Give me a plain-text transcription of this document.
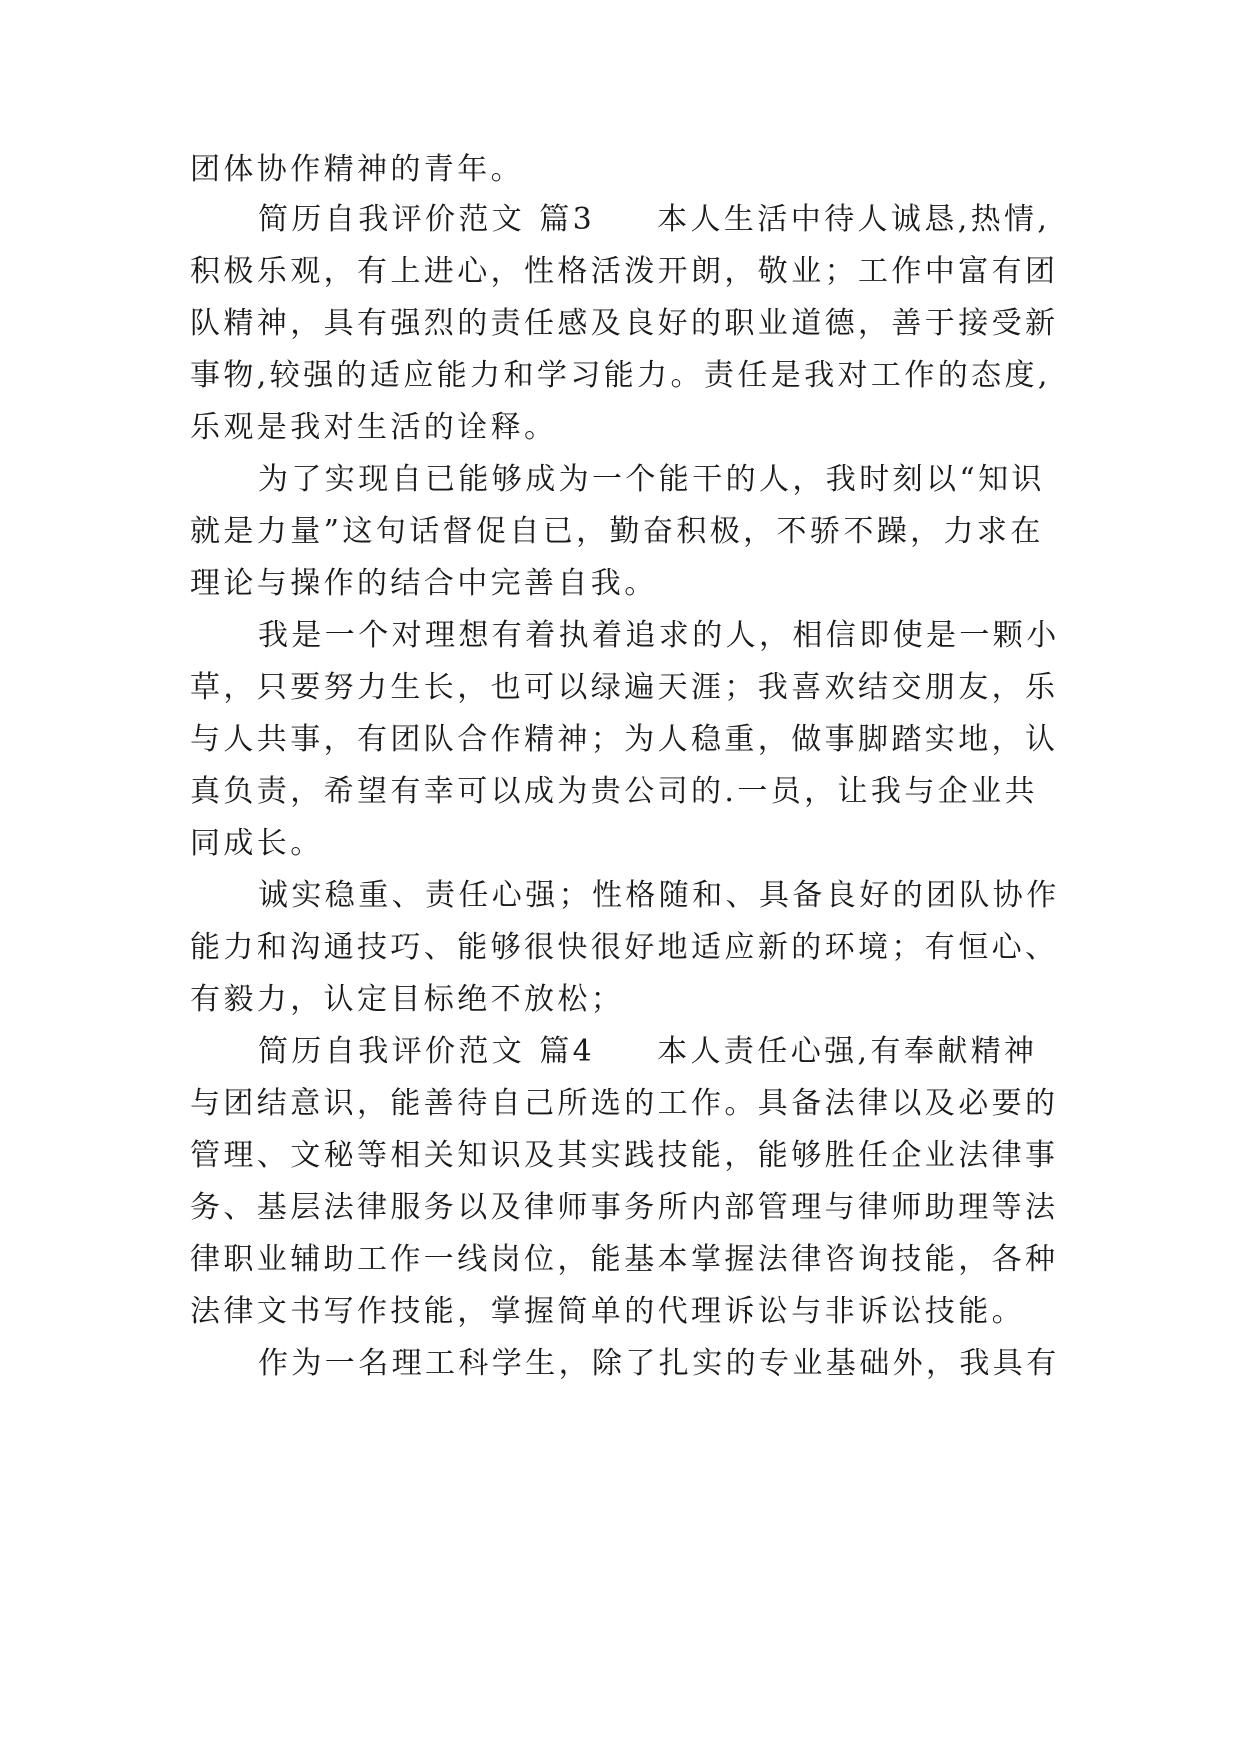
团体协作精神的青年。
简历自我评价范文 篇3 本人生活中待人诚恳,热情,
积极乐观，有上进心，性格活泼开朗，敬业；工作中富有团
队精神，具有强烈的责任感及良好的职业道德，善于接受新
事物,较强的适应能力和学习能力。责任是我对工作的态度,
乐观是我对生活的诠释。
为了实现自已能够成为一个能干的人，我时刻以“知识
就是力量”这句话督促自已，勤奋积极，不骄不躁，力求在
理论与操作的结合中完善自我。
我是一个对理想有着执着追求的人，相信即使是一颗小
草，只要努力生长，也可以绿遍天涯；我喜欢结交朋友，乐
与人共事，有团队合作精神；为人稳重，做事脚踏实地，认
真负责，希望有幸可以成为贵公司的.一员，让我与企业共
同成长。
诚实稳重、责任心强；性格随和、具备良好的团队协作
能力和沟通技巧、能够很快很好地适应新的环境；有恒心、
有毅力，认定目标绝不放松；
简历自我评价范文 篇4 本人责任心强,有奉献精神
与团结意识，能善待自己所选的工作。具备法律以及必要的
管理、文秘等相关知识及其实践技能，能够胜任企业法律事
务、基层法律服务以及律师事务所内部管理与律师助理等法
律职业辅助工作一线岗位，能基本掌握法律咨询技能，各种
法律文书写作技能，掌握简单的代理诉讼与非诉讼技能。
作为一名理工科学生，除了扎实的专业基础外，我具有
